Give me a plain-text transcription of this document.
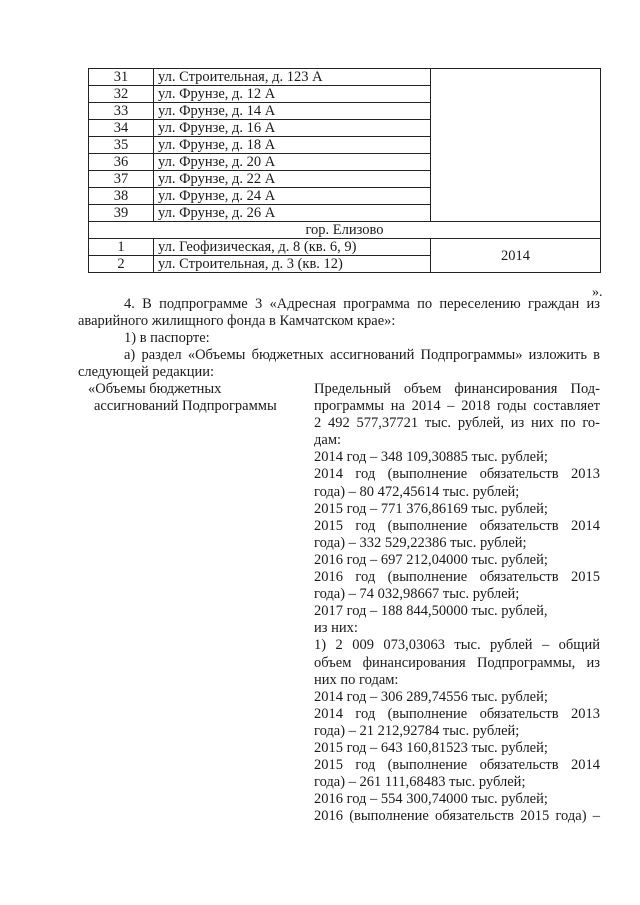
31	ул. Строительная, д. 123 А	
32	ул. Фрунзе, д. 12 А	
33	ул. Фрунзе, д. 14 А	
34	ул. Фрунзе, д. 16 А	
35	ул. Фрунзе, д. 18 А	
36	ул. Фрунзе, д. 20 А	
37	ул. Фрунзе, д. 22 А	
38	ул. Фрунзе, д. 24 А	
39	ул. Фрунзе, д. 26 А	
гор. Елизово		
1	ул. Геофизическая, д. 8 (кв. 6, 9)	2014
2	ул. Строительная, д. 3 (кв. 12)	
».
4. В подпрограмме 3 «Адресная программа по переселению граждан из аварийного жилищного фонда в Камчатском крае»:
1) в паспорте:
а) раздел «Объемы бюджетных ассигнований Подпрограммы» изложить в следующей редакции:
«Объемы бюджетных
ассигнований Подпрограммы
Предельный объем финансирования Под-
программы на 2014 – 2018 годы составляет
2 492 577,37721 тыс. рублей, из них по го-
дам:
2014 год – 348 109,30885 тыс. рублей;
2014 год (выполнение обязательств 2013
года) – 80 472,45614 тыс. рублей;
2015 год – 771 376,86169 тыс. рублей;
2015 год (выполнение обязательств 2014
года) – 332 529,22386 тыс. рублей;
2016 год – 697 212,04000 тыс. рублей;
2016 год (выполнение обязательств 2015
года) – 74 032,98667 тыс. рублей;
2017 год – 188 844,50000 тыс. рублей,
из них:
1) 2 009 073,03063 тыс. рублей – общий
объем финансирования Подпрограммы, из
них по годам:
2014 год – 306 289,74556 тыс. рублей;
2014 год (выполнение обязательств 2013
года) – 21 212,92784 тыс. рублей;
2015 год – 643 160,81523 тыс. рублей;
2015 год (выполнение обязательств 2014
года) – 261 111,68483 тыс. рублей;
2016 год – 554 300,74000 тыс. рублей;
2016 (выполнение обязательств 2015 года) –
